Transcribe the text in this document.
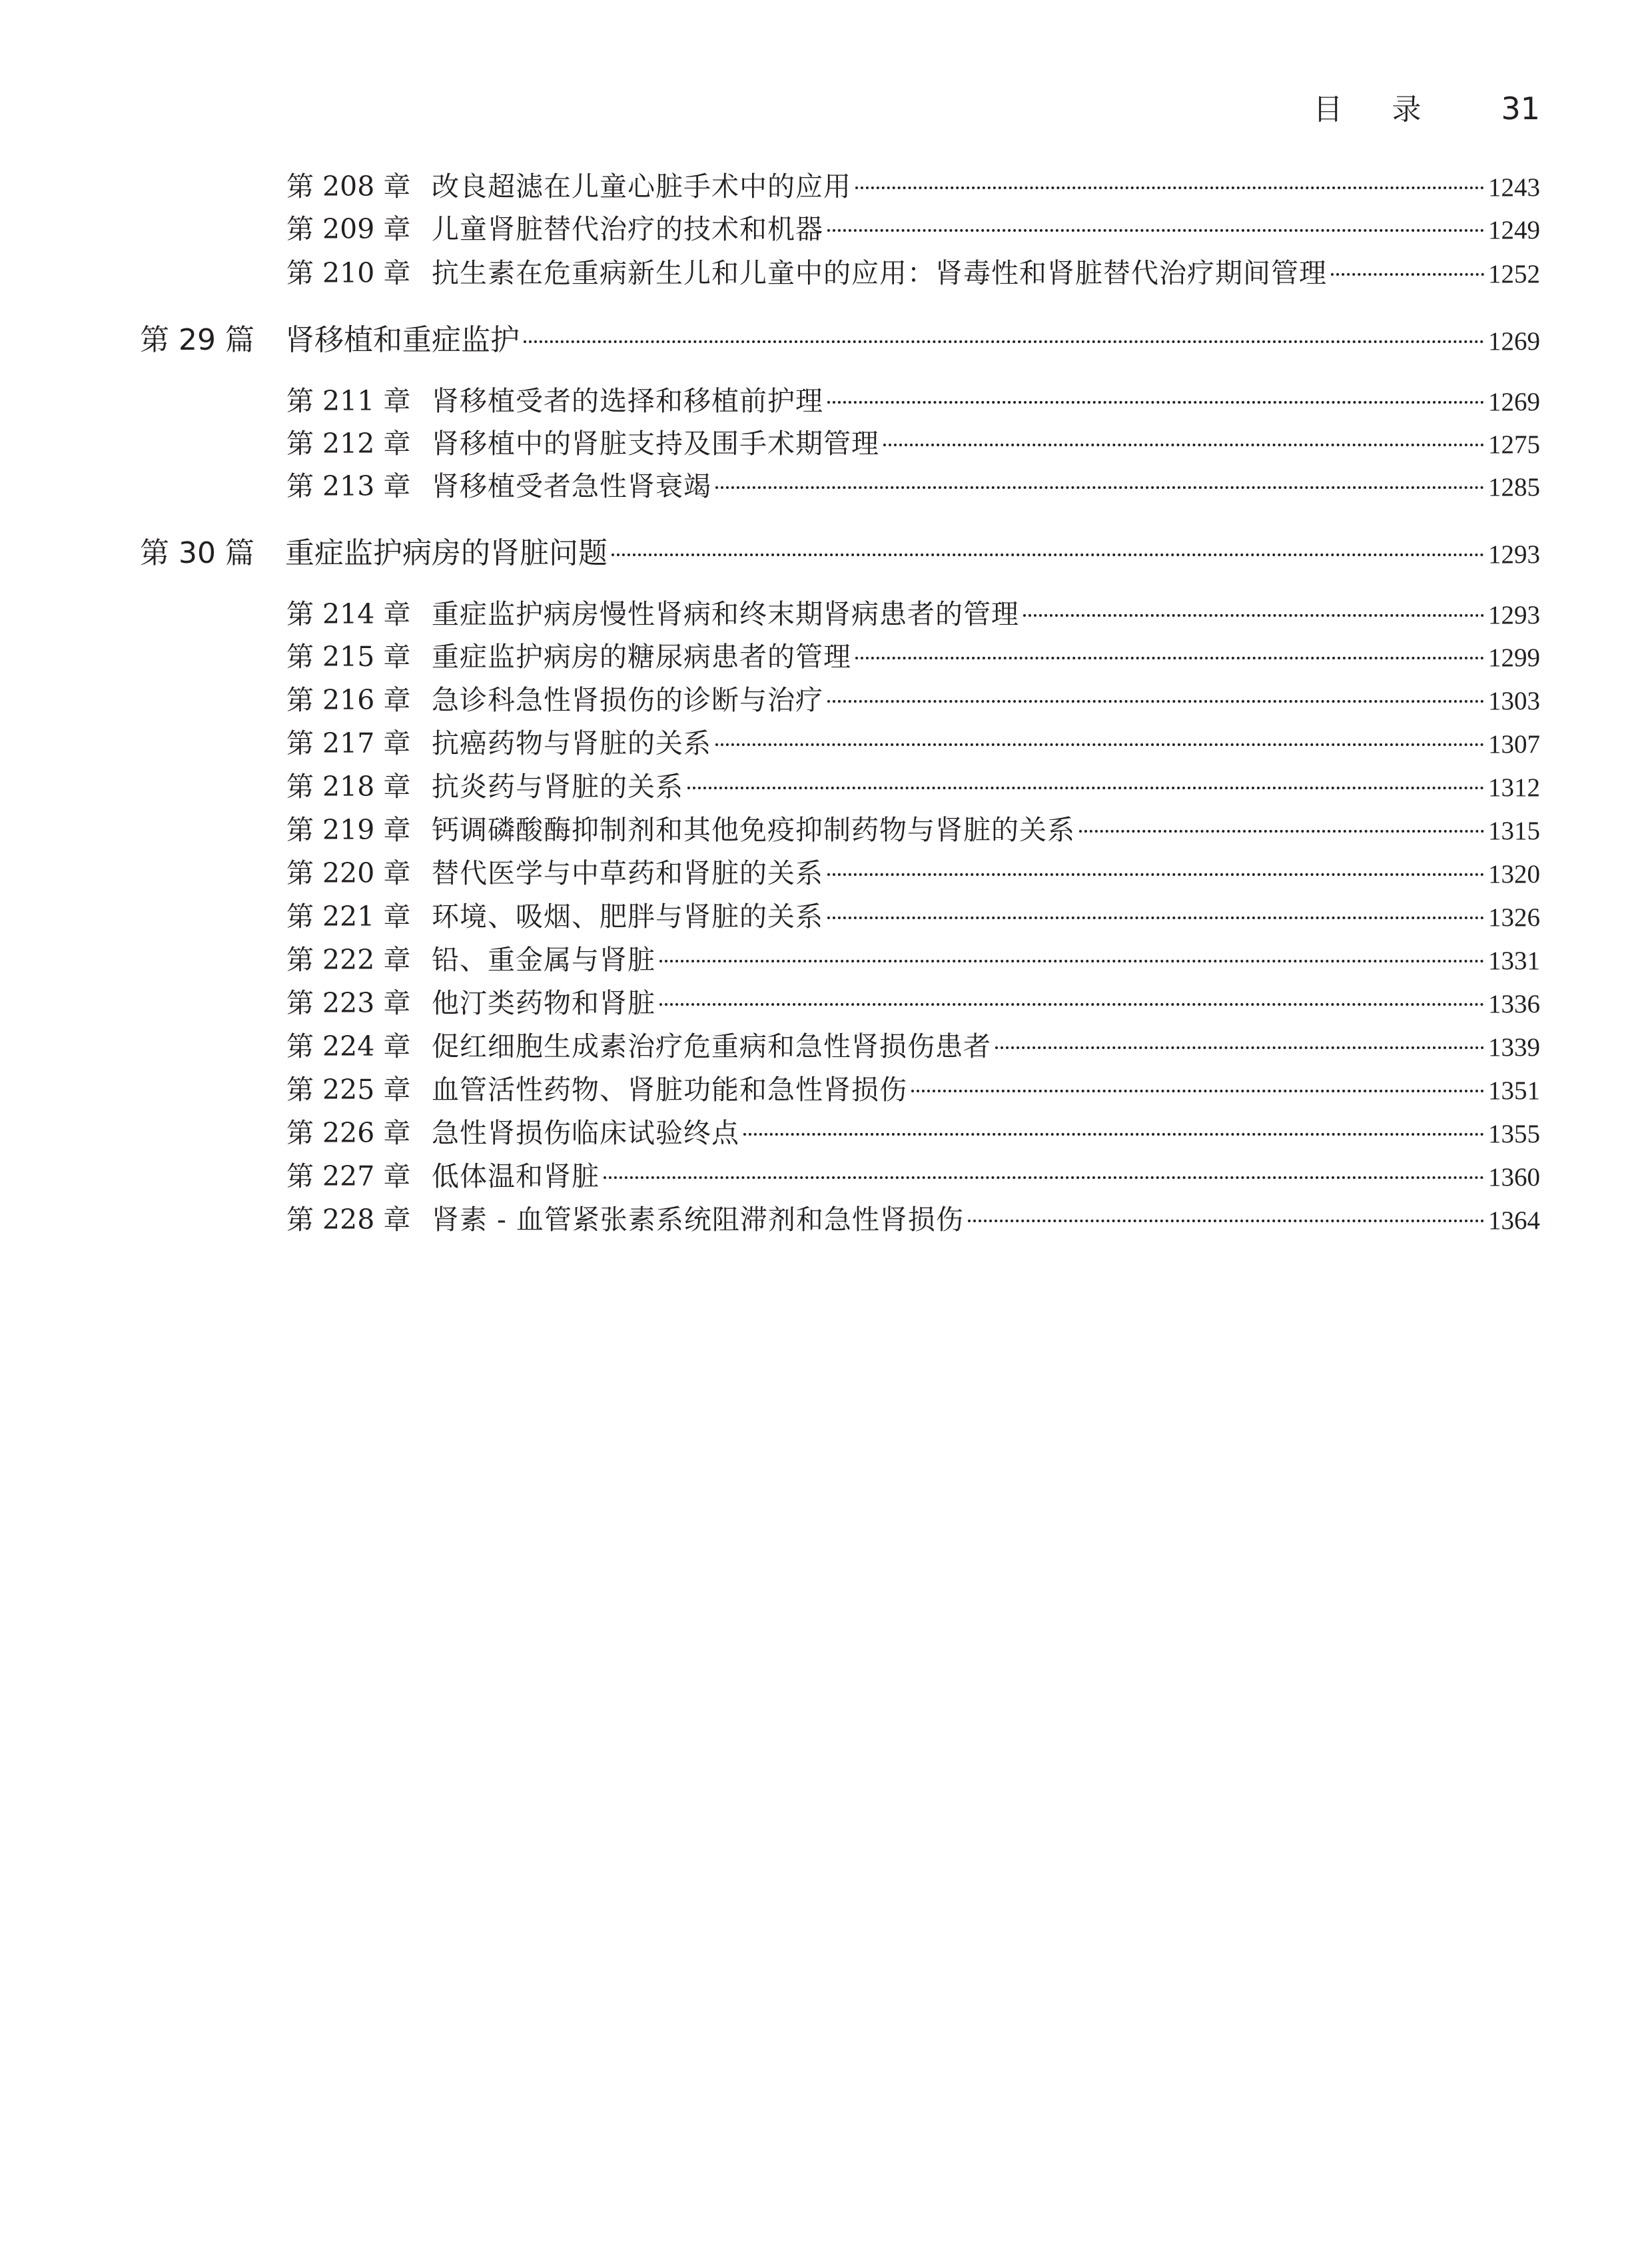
目录 31
第 208 章 改良超滤在儿童心脏手术中的应用	1243
第 209 章 儿童肾脏替代治疗的技术和机器	1249
第 210 章 抗生素在危重病新生儿和儿童中的应用：肾毒性和肾脏替代治疗期间管理	1252
第 29 篇	肾移植和重症监护	1269
第 211 章 肾移植受者的选择和移植前护理	1269
第 212 章 肾移植中的肾脏支持及围手术期管理	1275
第 213 章 肾移植受者急性肾衰竭	1285
第 30 篇	重症监护病房的肾脏问题	1293
第 214 章 重症监护病房慢性肾病和终末期肾病患者的管理	1293
第 215 章 重症监护病房的糖尿病患者的管理	1299
第 216 章 急诊科急性肾损伤的诊断与治疗	1303
第 217 章 抗癌药物与肾脏的关系	1307
第 218 章 抗炎药与肾脏的关系	1312
第 219 章 钙调磷酸酶抑制剂和其他免疫抑制药物与肾脏的关系	1315
第 220 章 替代医学与中草药和肾脏的关系	1320
第 221 章 环境、吸烟、肥胖与肾脏的关系	1326
第 222 章 铅、重金属与肾脏	1331
第 223 章 他汀类药物和肾脏	1336
第 224 章 促红细胞生成素治疗危重病和急性肾损伤患者	1339
第 225 章 血管活性药物、肾脏功能和急性肾损伤	1351
第 226 章 急性肾损伤临床试验终点	1355
第 227 章 低体温和肾脏	1360
第 228 章 肾素 - 血管紧张素系统阻滞剂和急性肾损伤	1364
